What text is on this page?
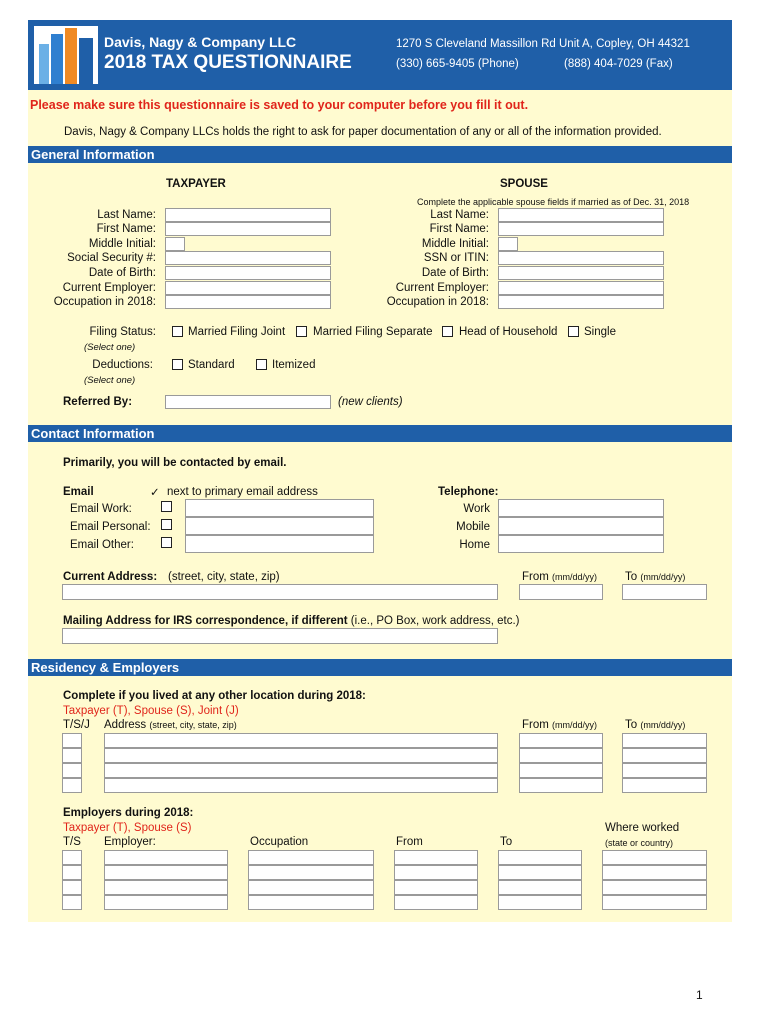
Davis, Nagy & Company LLC
2018 TAX QUESTIONNAIRE
1270 S Cleveland Massillon Rd Unit A, Copley, OH 44321
(330) 665-9405 (Phone)	(888) 404-7029 (Fax)
Please make sure this questionnaire is saved to your computer before you fill it out.
Davis, Nagy & Company LLCs holds the right to ask for paper documentation of any or all of the information provided.
General Information
TAXPAYER	SPOUSE
Complete the applicable spouse fields if married as of Dec. 31, 2018
Last Name:
First Name:
Middle Initial:
Social Security #:
Date of Birth:
Current Employer:
Occupation in 2018:
Last Name:
First Name:
Middle Initial:
SSN or ITIN:
Date of Birth:
Current Employer:
Occupation in 2018:
Filing Status:
(Select one)
Married Filing Joint Married Filing Separate Head of Household Single
Deductions:
(Select one)
Standard	Itemized
Referred By:	(new clients)
Contact Information
Primarily, you will be contacted by email.
Email	✓ next to primary email address
Email Work:
Email Personal:
Email Other:
Telephone:
Work
Mobile
Home
Current Address: (street, city, state, zip)	From (mm/dd/yy) To (mm/dd/yy)
Mailing Address for IRS correspondence, if different (i.e., PO Box, work address, etc.)
Residency & Employers
Complete if you lived at any other location during 2018:
Taxpayer (T), Spouse (S), Joint (J)
T/S/J Address (street, city, state, zip)	From (mm/dd/yy) To (mm/dd/yy)
Employers during 2018:
Taxpayer (T), Spouse (S)	Where worked
T/S Employer:	Occupation	From	To	(state or country)
1
